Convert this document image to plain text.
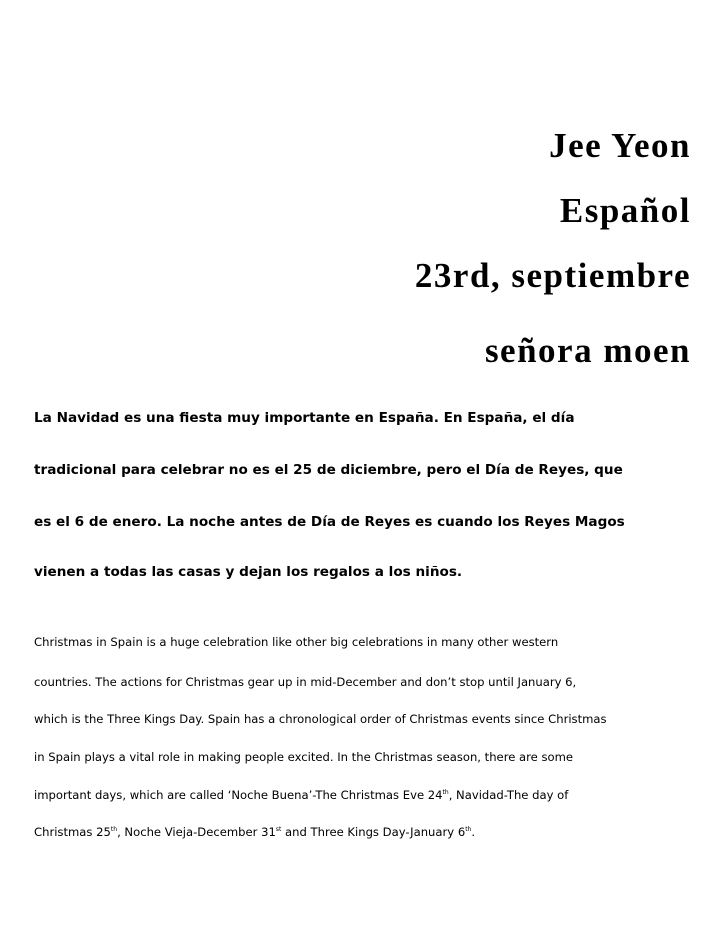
Jee Yeon
Español
23rd, septiembre
señora moen
La Navidad es una fiesta muy importante en España. En España, el día
tradicional para celebrar no es el 25 de diciembre, pero el Día de Reyes, que
es el 6 de enero. La noche antes de Día de Reyes es cuando los Reyes Magos
vienen a todas las casas y dejan los regalos a los niños.
Christmas in Spain is a huge celebration like other big celebrations in many other western
countries. The actions for Christmas gear up in mid-December and don’t stop until January 6,
which is the Three Kings Day. Spain has a chronological order of Christmas events since Christmas
in Spain plays a vital role in making people excited. In the Christmas season, there are some
important days, which are called ‘Noche Buena’-The Christmas Eve 24th, Navidad-The day of
Christmas 25th, Noche Vieja-December 31st and Three Kings Day-January 6th.
